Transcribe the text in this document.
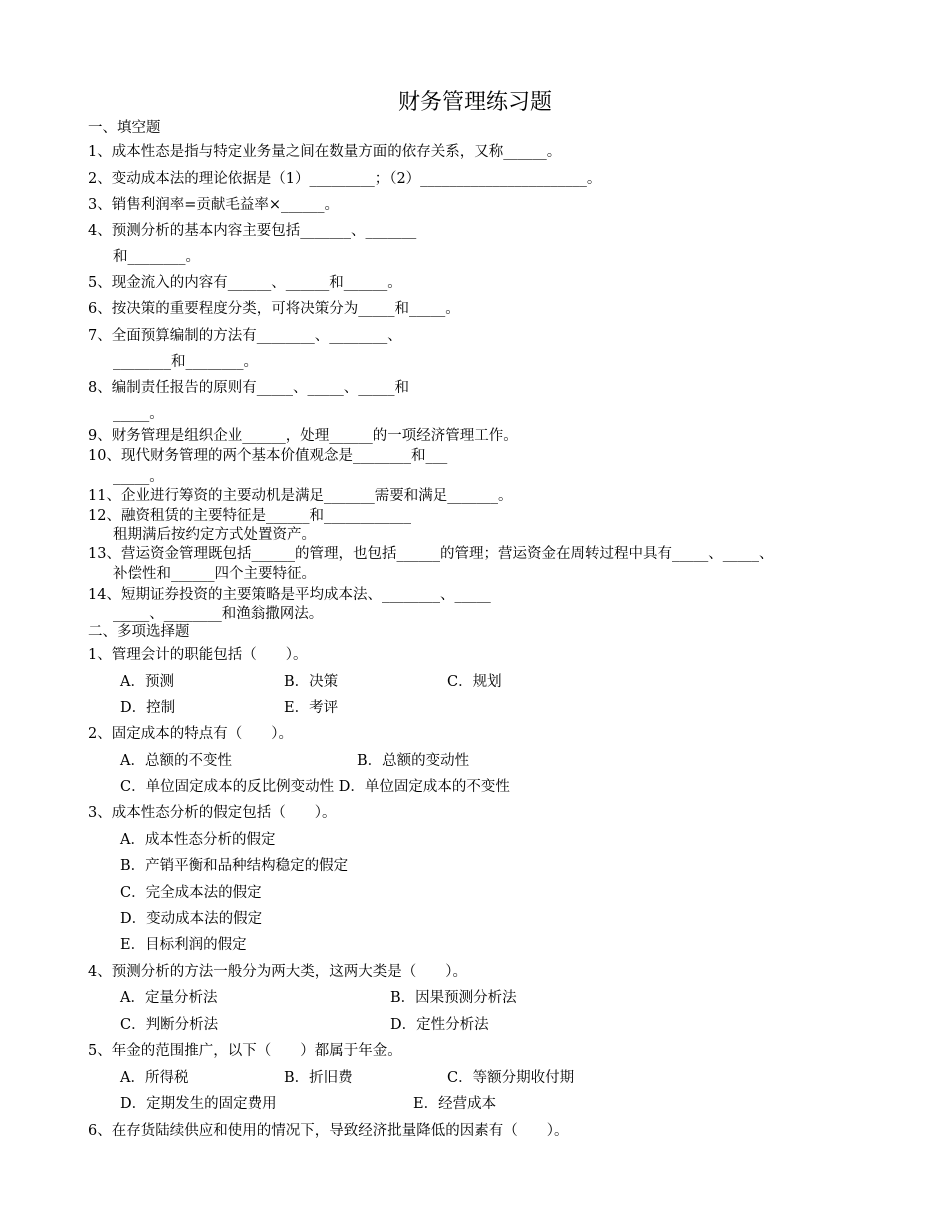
财务管理练习题
一、填空题
1、成本性态是指与特定业务量之间在数量方面的依存关系，又称______。
2、变动成本法的理论依据是（1）_________；（2）_______________________。
3、销售利润率=贡献毛益率×______。
4、预测分析的基本内容主要包括_______、_______
和________。
5、现金流入的内容有______、______和______。
6、按决策的重要程度分类，可将决策分为_____和_____。
7、全面预算编制的方法有________、________、
________和________。
8、编制责任报告的原则有_____、_____、_____和
_____。
9、财务管理是组织企业______，处理______的一项经济管理工作。
10、现代财务管理的两个基本价值观念是________和___
_____。
11、企业进行筹资的主要动机是满足_______需要和满足_______。
12、融资租赁的主要特征是______和____________
租期满后按约定方式处置资产。
13、营运资金管理既包括______的管理，也包括______的管理；营运资金在周转过程中具有_____、_____、
补偿性和______四个主要特征。
14、短期证券投资的主要策略是平均成本法、________、_____
_____、________和渔翁撒网法。
二、多项选择题
1、管理会计的职能包括（　　）。
A．预测	B．决策	C．规划
D．控制	E．考评
2、固定成本的特点有（　　）。
A．总额的不变性	B．总额的变动性
C．单位固定成本的反比例变动性 D．单位固定成本的不变性
3、成本性态分析的假定包括（　　）。
A．成本性态分析的假定
B．产销平衡和品种结构稳定的假定
C．完全成本法的假定
D．变动成本法的假定
E．目标利润的假定
4、预测分析的方法一般分为两大类，这两大类是（　　）。
A．定量分析法	B．因果预测分析法
C．判断分析法	D．定性分析法
5、年金的范围推广，以下（　　）都属于年金。
A．所得税	B．折旧费	C．等额分期收付期
D．定期发生的固定费用	E．经营成本
6、在存货陆续供应和使用的情况下，导致经济批量降低的因素有（　　）。
